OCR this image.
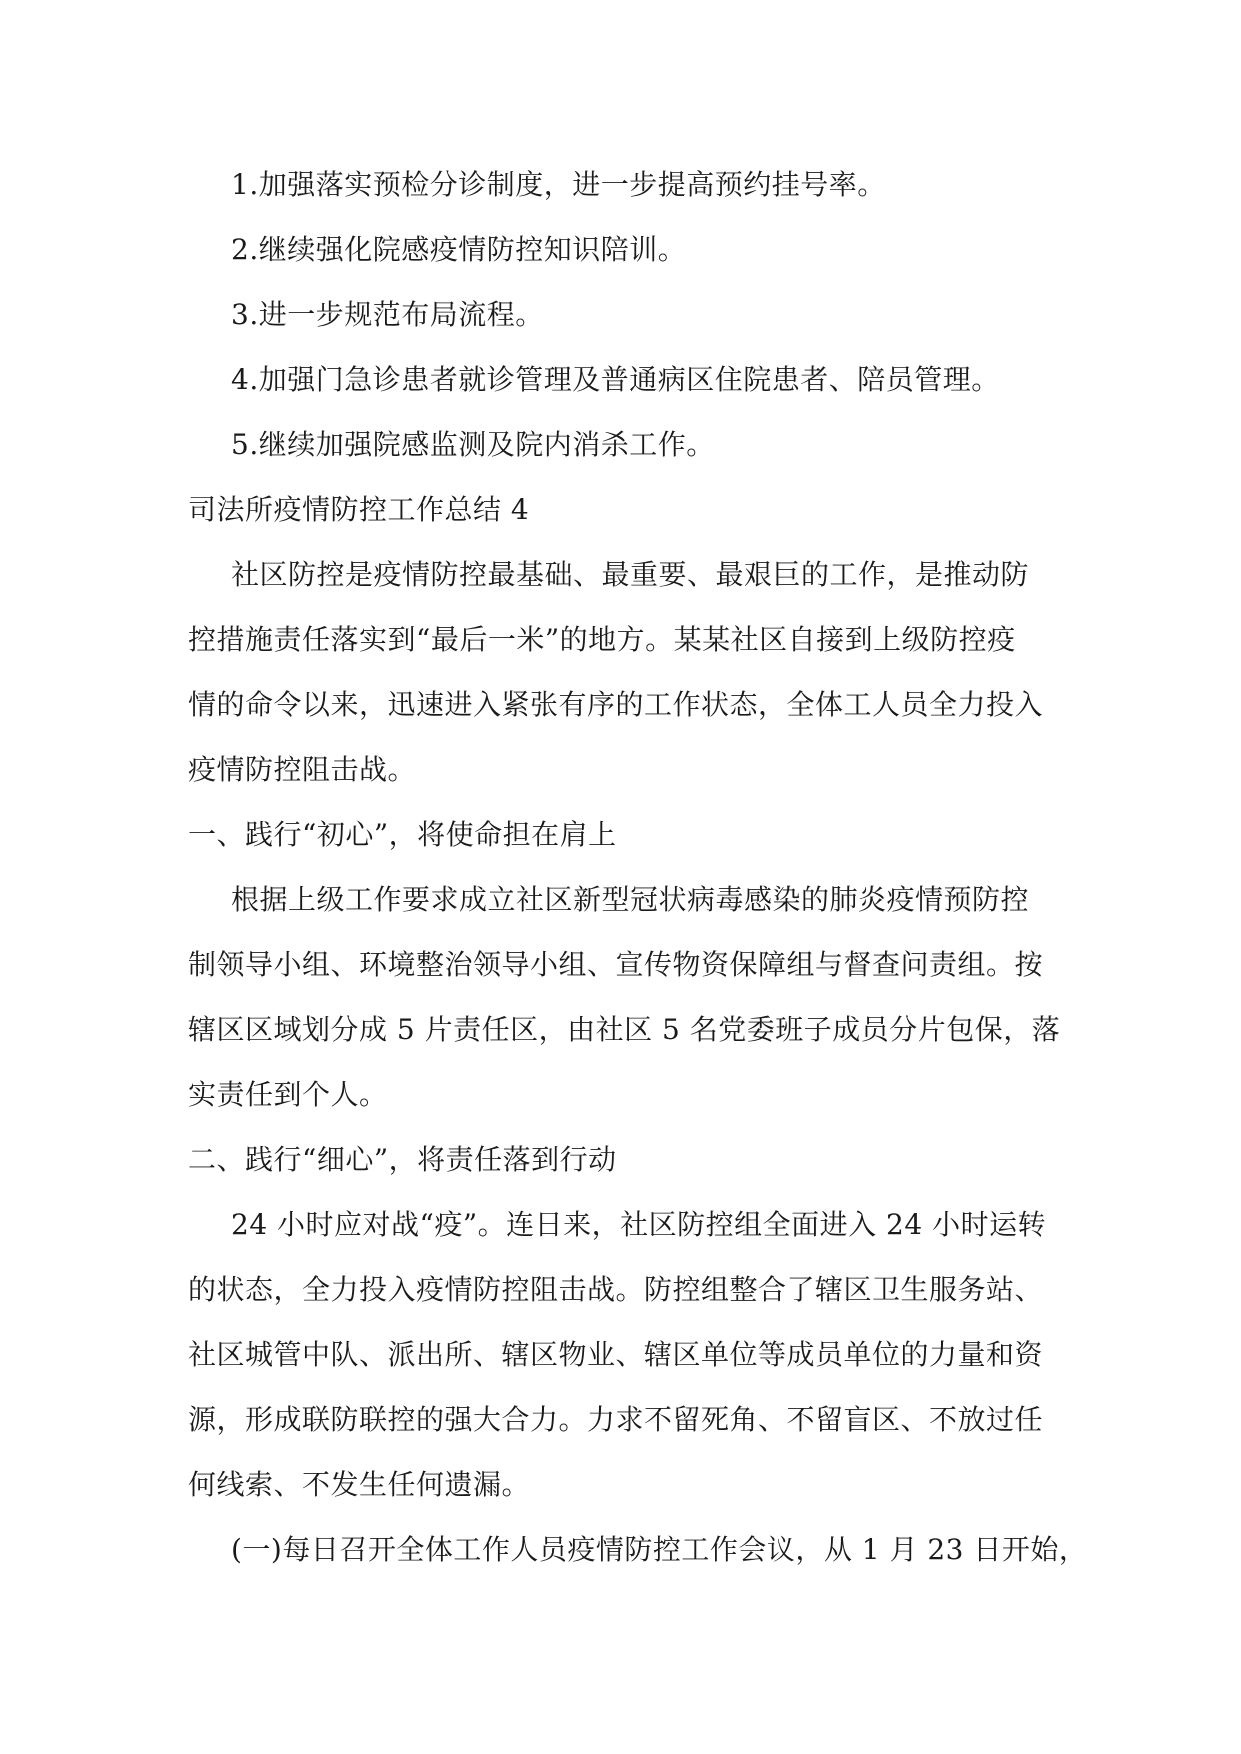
1.加强落实预检分诊制度，进一步提高预约挂号率。
2.继续强化院感疫情防控知识陪训。
3.进一步规范布局流程。
4.加强门急诊患者就诊管理及普通病区住院患者、陪员管理。
5.继续加强院感监测及院内消杀工作。
司法所疫情防控工作总结 4
社区防控是疫情防控最基础、最重要、最艰巨的工作，是推动防
控措施责任落实到“最后一米”的地方。某某社区自接到上级防控疫
情的命令以来，迅速进入紧张有序的工作状态，全体工人员全力投入
疫情防控阻击战。
一、践行“初心”，将使命担在肩上
根据上级工作要求成立社区新型冠状病毒感染的肺炎疫情预防控
制领导小组、环境整治领导小组、宣传物资保障组与督查问责组。按
辖区区域划分成 5 片责任区，由社区 5 名党委班子成员分片包保，落
实责任到个人。
二、践行“细心”，将责任落到行动
24 小时应对战“疫”。连日来，社区防控组全面进入 24 小时运转
的状态，全力投入疫情防控阻击战。防控组整合了辖区卫生服务站、
社区城管中队、派出所、辖区物业、辖区单位等成员单位的力量和资
源，形成联防联控的强大合力。力求不留死角、不留盲区、不放过任
何线索、不发生任何遗漏。
(一)每日召开全体工作人员疫情防控工作会议，从 1 月 23 日开始，
